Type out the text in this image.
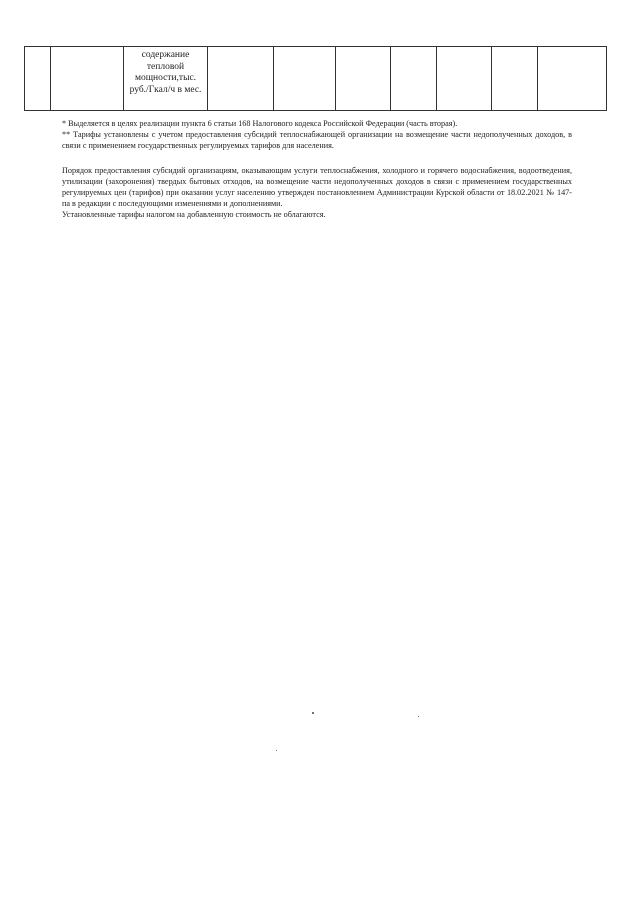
		содержание тепловой мощности,тыс. руб./Гкал/ч в мес.							

* Выделяется в целях реализации пункта 6 статьи 168 Налогового кодекса Российской Федерации (часть вторая).

** Тарифы установлены с учетом предоставления субсидий теплоснабжающей организации на возмещение части недополученных доходов, в связи с применением государственных регулируемых тарифов для населения.

Порядок предоставления субсидий организациям, оказывающим услуги теплоснабжения, холодного и горячего водоснабжения, водоотведения, утилизации (захоронения) твердых бытовых отходов, на возмещение части недополученных доходов в связи с применением государственных регулируемых цен (тарифов) при оказании услуг населению утвержден постановлением Администрации Курской области от 18.02.2021 № 147-па в редакции с последующими изменениями и дополнениями.

Установленные тарифы налогом на добавленную стоимость не облагаются.
